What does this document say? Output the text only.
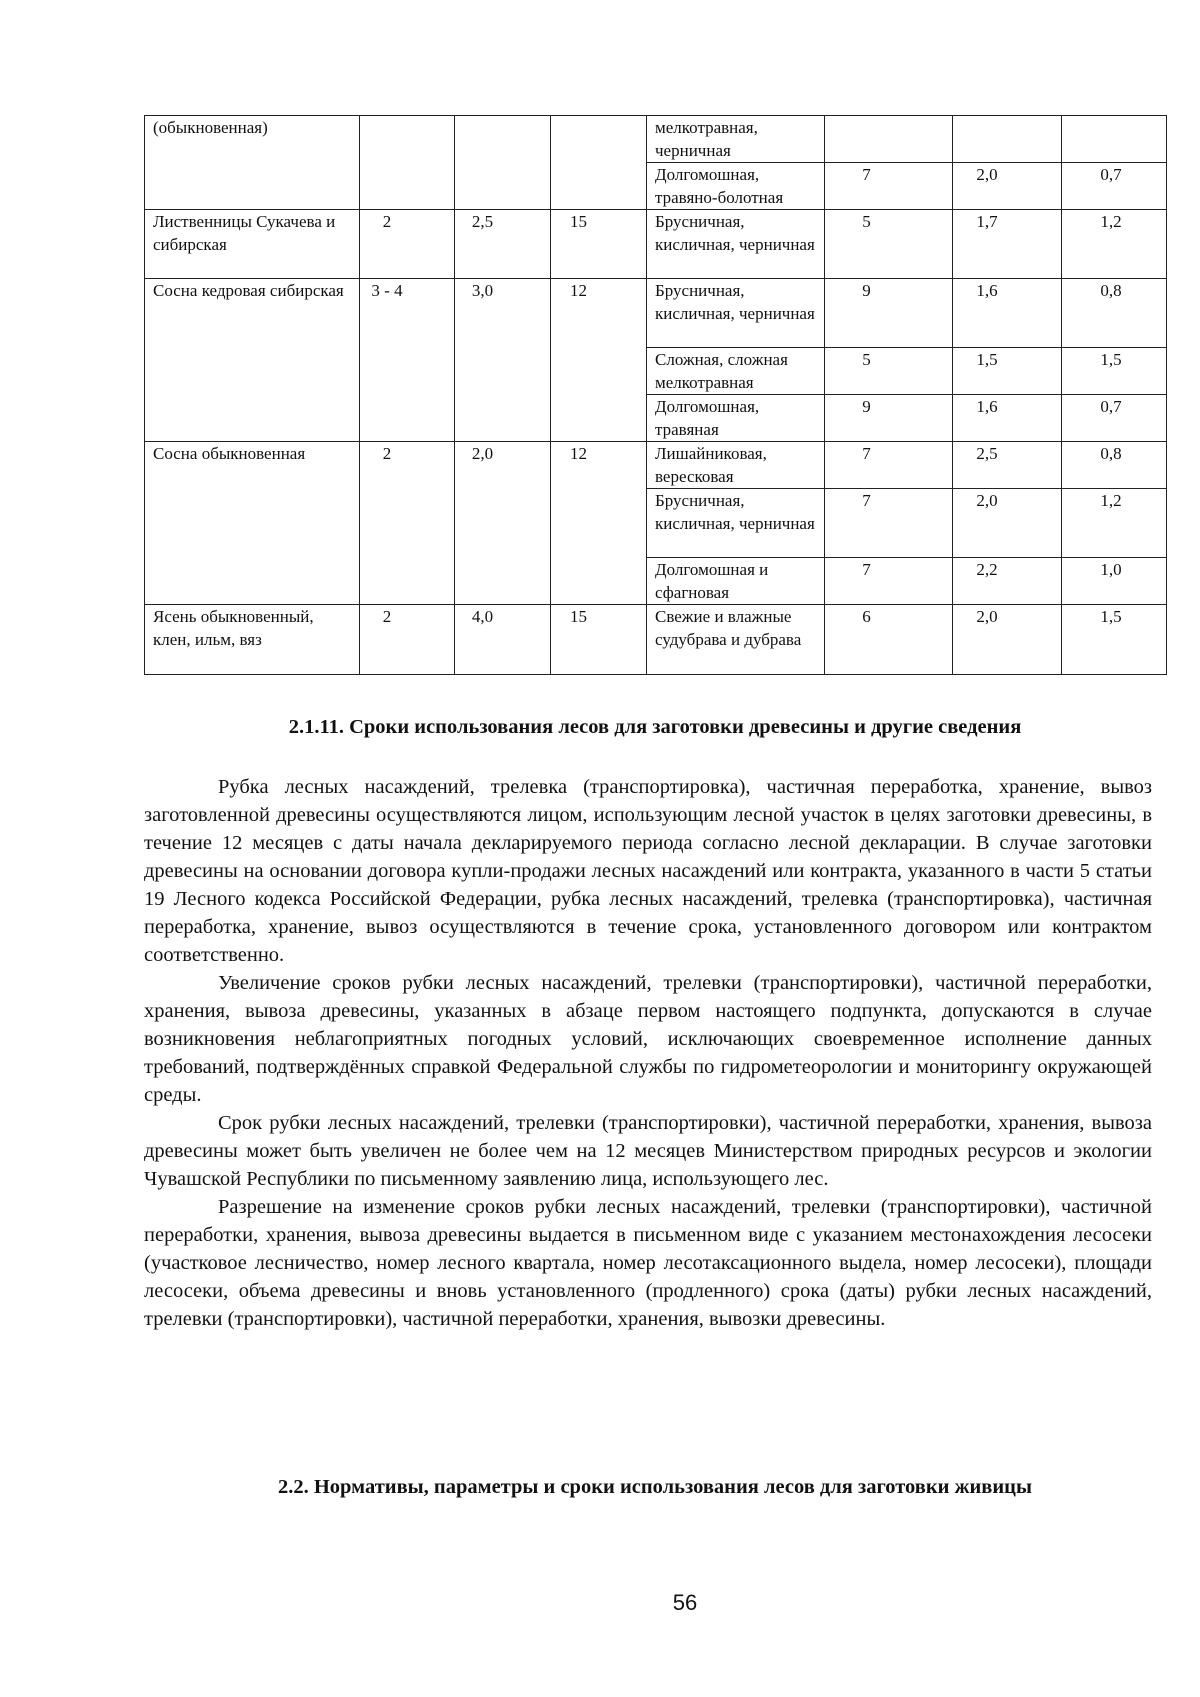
(обыкновенная)				мелкотравная, черничная			
				Долгомошная, травяно-болотная	7	2,0	0,7
Лиственницы Сукачева и сибирская	2	2,5	15	Брусничная, кисличная, черничная	5	1,7	1,2
Сосна кедровая сибирская	3 - 4	3,0	12	Брусничная, кисличная, черничная	9	1,6	0,8
				Сложная, сложная мелкотравная	5	1,5	1,5
				Долгомошная, травяная	9	1,6	0,7
Сосна обыкновенная	2	2,0	12	Лишайниковая, вересковая	7	2,5	0,8
				Брусничная, кисличная, черничная	7	2,0	1,2
				Долгомошная и сфагновая	7	2,2	1,0
Ясень обыкновенный, клен, ильм, вяз	2	4,0	15	Свежие и влажные судубрава и дубрава	6	2,0	1,5
2.1.11. Сроки использования лесов для заготовки древесины и другие сведения

Рубка лесных насаждений, трелевка (транспортировка), частичная переработка, хранение, вывоз заготовленной древесины осуществляются лицом, использующим лесной участок в целях заготовки древесины, в течение 12 месяцев с даты начала декларируемого периода согласно лесной декларации. В случае заготовки древесины на основании договора купли-продажи лесных насаждений или контракта, указанного в части 5 статьи 19 Лесного кодекса Российской Федерации, рубка лесных насаждений, трелевка (транспортировка), частичная переработка, хранение, вывоз осуществляются в течение срока, установленного договором или контрактом соответственно.

Увеличение сроков рубки лесных насаждений, трелевки (транспортировки), частичной переработки, хранения, вывоза древесины, указанных в абзаце первом настоящего подпункта, допускаются в случае возникновения неблагоприятных погодных условий, исключающих своевременное исполнение данных требований, подтверждённых справкой Федеральной службы по гидрометеорологии и мониторингу окружающей среды.

Срок рубки лесных насаждений, трелевки (транспортировки), частичной переработки, хранения, вывоза древесины может быть увеличен не более чем на 12 месяцев Министерством природных ресурсов и экологии Чувашской Республики по письменному заявлению лица, использующего лес.

Разрешение на изменение сроков рубки лесных насаждений, трелевки (транспортировки), частичной переработки, хранения, вывоза древесины выдается в письменном виде с указанием местонахождения лесосеки (участковое лесничество, номер лесного квартала, номер лесотаксационного выдела, номер лесосеки), площади лесосеки, объема древесины и вновь установленного (продленного) срока (даты) рубки лесных насаждений, трелевки (транспортировки), частичной переработки, хранения, вывозки древесины.

2.2. Нормативы, параметры и сроки использования лесов для заготовки живицы
56
